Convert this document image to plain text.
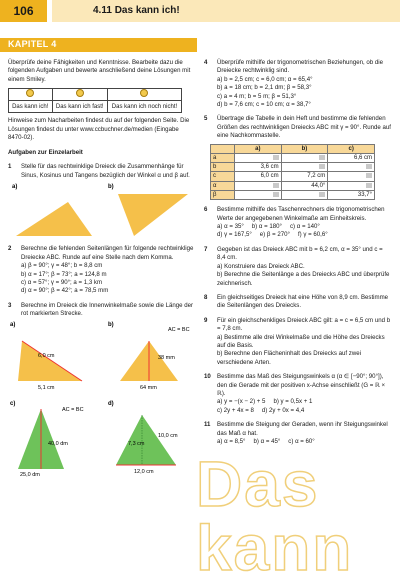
106	4.11 Das kann ich!
KAPITEL 4

Überprüfe deine Fähigkeiten und Kenntnisse. Bearbeite dazu die folgenden Aufgaben und bewerte anschließend deine Lösungen mit einem Smiley.

Das kann ich!	Das kann ich fast!	Das kann ich noch nicht!

Hinweise zum Nacharbeiten findest du auf der folgenden Seite. Die Lösungen findest du unter www.ccbuchner.de/medien (Eingabe 8470-02).

Aufgaben zur Einzelarbeit

1	Stelle für das rechtwinklige Dreieck die Zusammenhänge für Sinus, Kosinus und Tangens bezüglich der Winkel α und β auf.
a)	b)
2	Berechne die fehlenden Seitenlängen für folgende rechtwinklige Dreiecke ABC. Runde auf eine Stelle nach dem Komma.

a) β = 90°; γ = 48°; b = 8,8 cm

b) α = 17°; β = 73°; a = 124,8 m

c) α = 57°; γ = 90°; a = 1,3 km

d) α = 90°; β = 42°; a = 78,5 mm

3	Berechne im Dreieck die Innenwinkelmaße sowie die Länge der rot markierten Strecke.
a)
6,0 cm
5,1 cm
b)
AC = BC
38 mm
64 mm
c)
AC = BC
40,0 dm
25,0 dm
d)
10,0 cm
7,3 cm
12,0 cm
4	Überprüfe mithilfe der trigonometrischen Beziehungen, ob die Dreiecke rechtwinklig sind.

a) b = 2,5 cm; c = 6,0 cm; α = 65,4°

b) a = 18 cm; b = 2,1 dm; β = 58,3°

c) a = 4 m; b = 5 m; β = 51,3°

d) b = 7,6 cm; c = 10 cm; α = 38,7°

5	Übertrage die Tabelle in dein Heft und bestimme die fehlenden Größen des rechtwinkligen Dreiecks ABC mit γ = 90°. Runde auf eine Nachkommastelle.

	a)	b)	c)
a			6,6 cm
b	3,6 cm		
c	6,0 cm	7,2 cm	
α		44,0°	
β			33,7°
6	Bestimme mithilfe des Taschenrechners die trigonometrischen Werte der angegebenen Winkelmaße am Einheitskreis.

a) α = 35° b) α = 180° c) α = 140°
d) γ = 167,5° e) β = 270° f) γ = 60,6°
7	Gegeben ist das Dreieck ABC mit b = 6,2 cm, α = 35° und c = 8,4 cm.

a) Konstruiere das Dreieck ABC.

b) Berechne die Seitenlänge a des Dreiecks ABC und überprüfe zeichnerisch.

8	Ein gleichseitiges Dreieck hat eine Höhe von 8,9 cm. Bestimme die Seitenlängen des Dreiecks.
9	Für ein gleichschenkliges Dreieck ABC gilt: a = c = 6,5 cm und b = 7,8 cm.

a) Bestimme alle drei Winkelmaße und die Höhe des Dreiecks auf die Basis.

b) Berechne den Flächeninhalt des Dreiecks auf zwei verschiedene Arten.

10	Bestimme das Maß des Steigungswinkels α (α ∈ [−90°; 90°]), den die Gerade mit der positiven x-Achse einschließt (G = ℝ × ℝ).

a) y = −(x − 2) + 5 b) y = 0,5x + 1
c) 2y + 4x = 8 d) 2y + 0x = 4,4
11	Bestimme die Steigung der Geraden, wenn ihr Steigungswinkel das Maß α hat.

a) α = 8,5° b) α = 45° c) α = 60°
Das kann
